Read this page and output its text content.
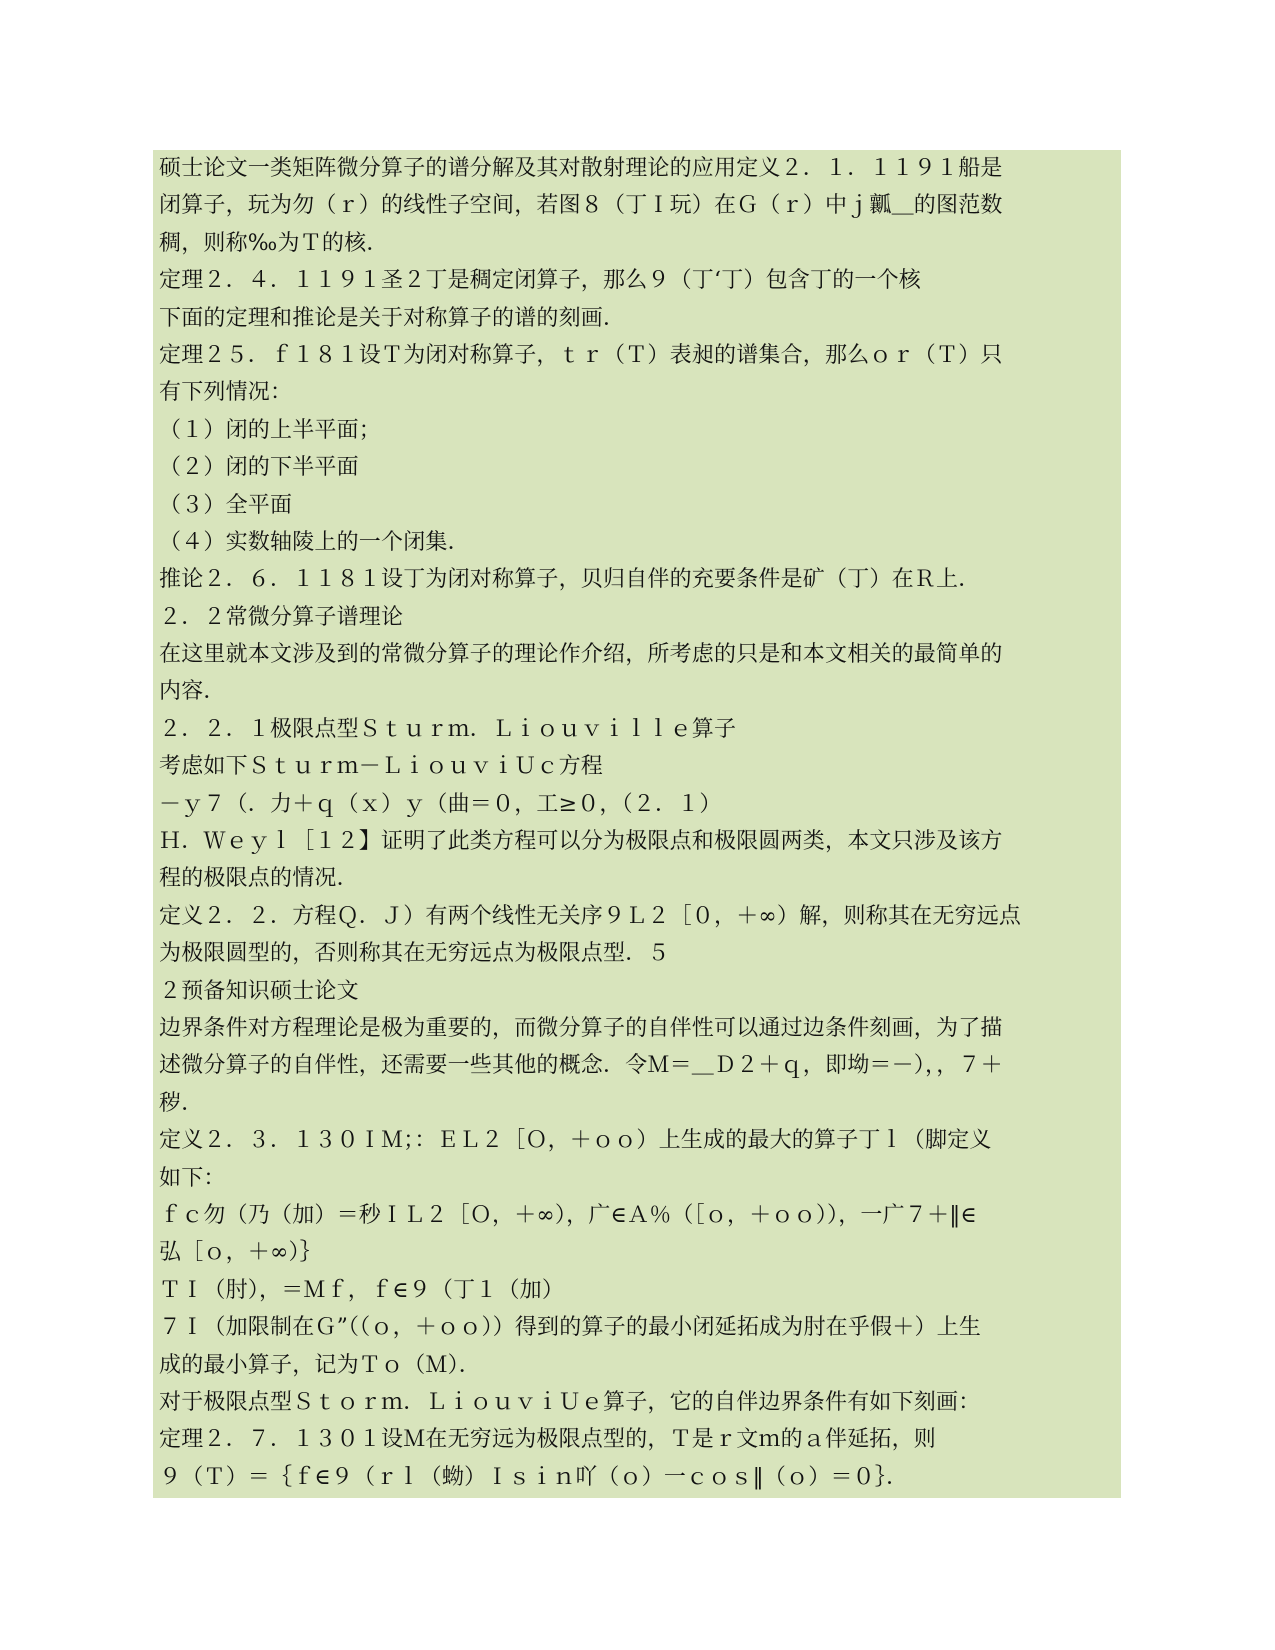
硕士论文一类矩阵微分算子的谱分解及其对散射理论的应用定义２．１．１１９１船是
闭算子，玩为勿（ｒ）的线性子空间，若图８（丁Ｉ玩）在Ｇ（ｒ）中ｊ瓤＿的图范数
稠，则称‰为Ｔ的核．
定理２．４．１１９１圣２丁是稠定闭算子，那么９（丁‘丁）包含丁的一个核
下面的定理和推论是关于对称算子的谱的刻画．
定理２５．ｆ１８１设Ｔ为闭对称算子，ｔｒ（Ｔ）表昶的谱集合，那么ｏｒ（Ｔ）只
有下列情况：
（１）闭的上半平面；
（２）闭的下半平面
（３）全平面
（４）实数轴陵上的一个闭集．
推论２．６．１１８１设丁为闭对称算子，贝归自伴的充要条件是矿（丁）在Ｒ上．
２．２常微分算子谱理论
在这里就本文涉及到的常微分算子的理论作介绍，所考虑的只是和本文相关的最简单的
内容．
２．２．１极限点型Ｓｔｕｒｍ．Ｌｉｏｕｖｉｌｌｅ算子
考虑如下Ｓｔｕｒｍ－ＬｉｏｕｖｉＵｃ方程
－ｙ７（．力＋ｑ（ｘ）ｙ（曲＝０，工≥０，（２．１）
Ｈ．Ｗｅｙｌ［１２】证明了此类方程可以分为极限点和极限圆两类，本文只涉及该方
程的极限点的情况．
定义２．２．方程Ｑ．Ｊ）有两个线性无关序９Ｌ２［０，＋∞）解，则称其在无穷远点
为极限圆型的，否则称其在无穷远点为极限点型．５
２预备知识硕士论文
边界条件对方程理论是极为重要的，而微分算子的自伴性可以通过边条件刻画，为了描
述微分算子的自伴性，还需要一些其他的概念．令Ｍ＝＿Ｄ２＋ｑ，即坳＝－），，７＋
秽．
定义２．３．１３０ＩＭ；：ＥＬ２［Ｏ，＋ｏｏ）上生成的最大的算子丁ｌ（脚定义
如下：
ｆｃ勿（乃（加）＝秒ＩＬ２［Ｏ，＋∞），广∈Ａ％（［ｏ，＋ｏｏ）），一广７＋‖∈
弘［ｏ，＋∞）｝
ＴＩ（肘），＝Ｍｆ，ｆ∈９（丁１（加）
７Ｉ（加限制在Ｇ”（（ｏ，＋ｏｏ））得到的算子的最小闭延拓成为肘在乎假＋）上生
成的最小算子，记为Ｔｏ（Ｍ）．
对于极限点型Ｓｔｏｒｍ．ＬｉｏｕｖｉＵｅ算子，它的自伴边界条件有如下刻画：
定理２．７．１３０１设Ｍ在无穷远为极限点型的，Ｔ是ｒ文ｍ的ａ伴延拓，则
９（Ｔ）＝｛ｆ∈９（ｒｌ（蚴）Ｉｓｉｎ吖（ｏ）一ｃｏｓ‖（ｏ）＝０｝．
